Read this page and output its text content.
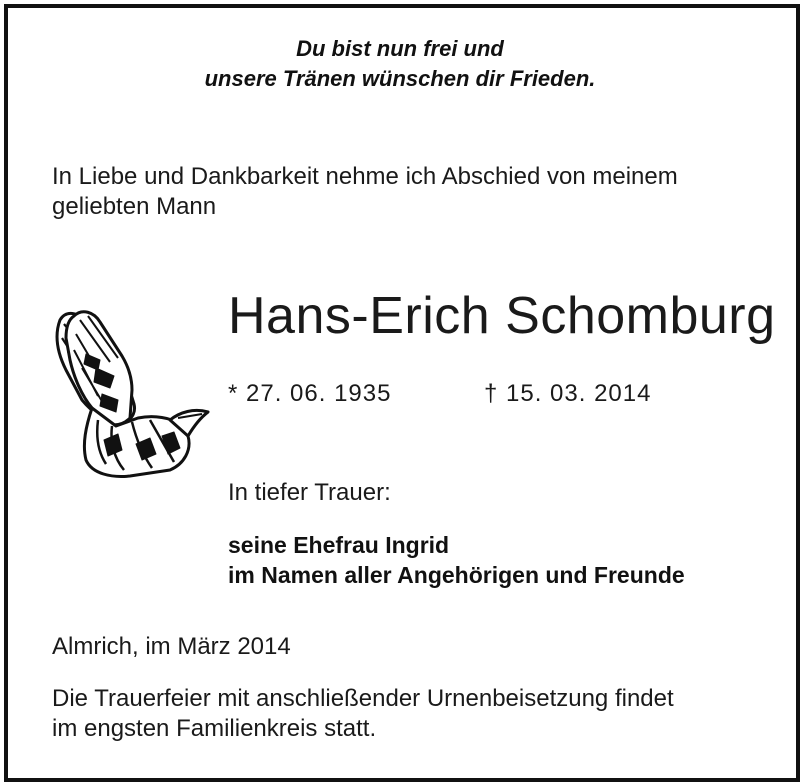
Du bist nun frei und
unsere Tränen wünschen dir Frieden.
In Liebe und Dankbarkeit nehme ich Abschied von meinem
geliebten Mann
Hans-Erich Schomburg
* 27. 06. 1935	† 15. 03. 2014
In tiefer Trauer:
seine Ehefrau Ingrid
im Namen aller Angehörigen und Freunde
Almrich, im März 2014
Die Trauerfeier mit anschließender Urnenbeisetzung findet
im engsten Familienkreis statt.
